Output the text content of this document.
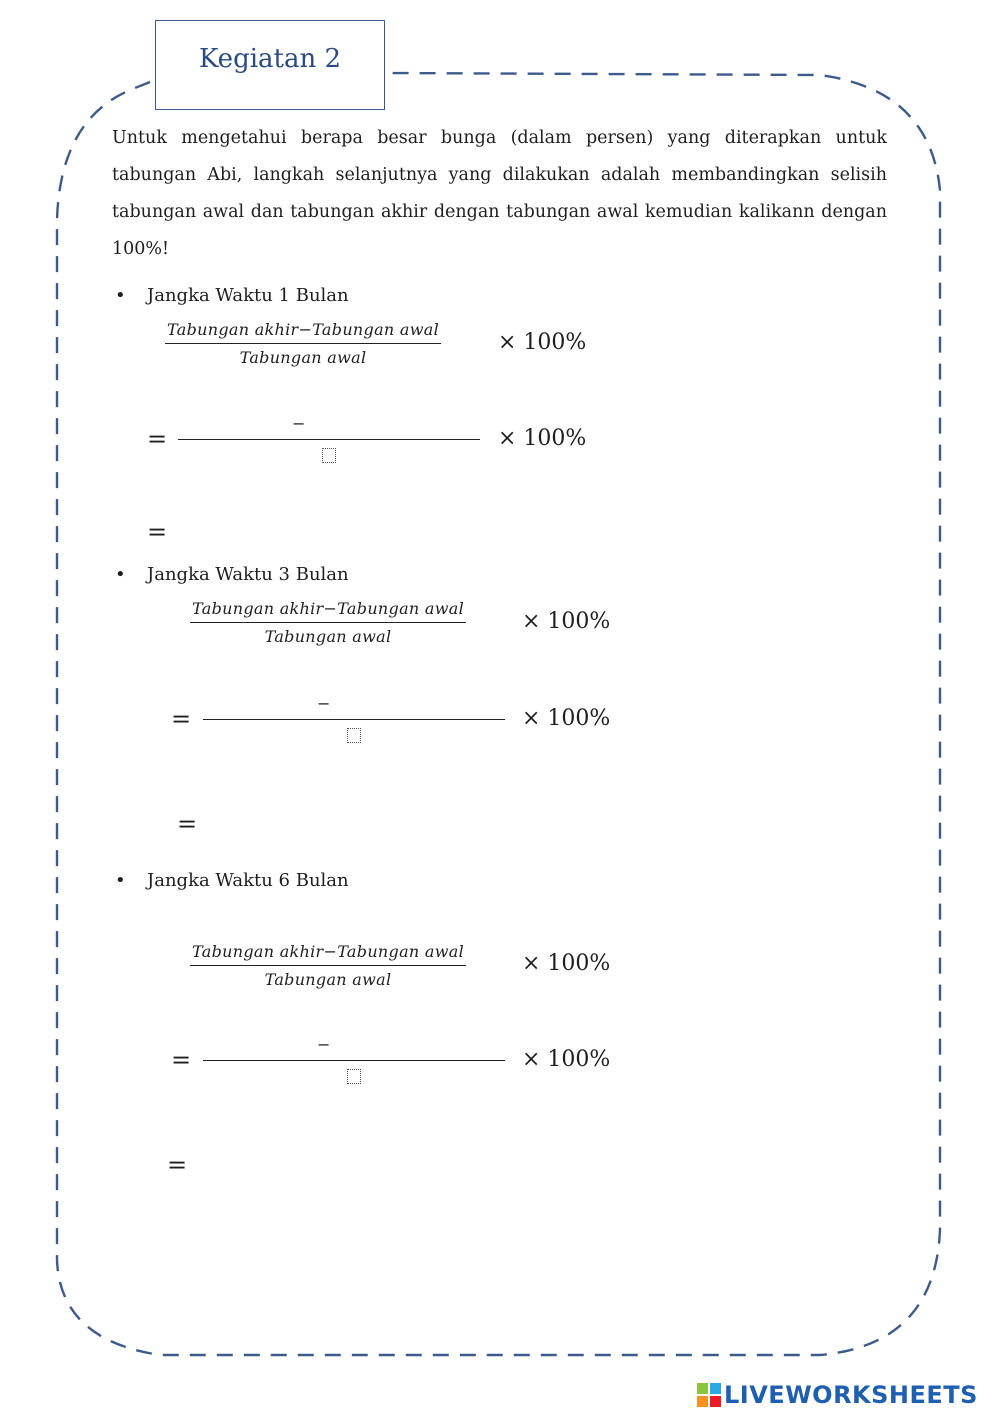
Kegiatan 2

Untuk mengetahui berapa besar bunga (dalam persen) yang diterapkan untuk tabungan Abi, langkah selanjutnya yang dilakukan adalah membandingkan selisih tabungan awal dan tabungan akhir dengan tabungan awal kemudian kalikann dengan 100%!

• Jangka Waktu 1 Bulan
Tabungan akhir−Tabungan awal
Tabungan awal
× 100%
=
−
× 100%
=
• Jangka Waktu 3 Bulan
Tabungan akhir−Tabungan awal
Tabungan awal
× 100%
=
−
× 100%
=
• Jangka Waktu 6 Bulan
Tabungan akhir−Tabungan awal
Tabungan awal
× 100%
=
−
× 100%
=
LIVEWORKSHEETS
